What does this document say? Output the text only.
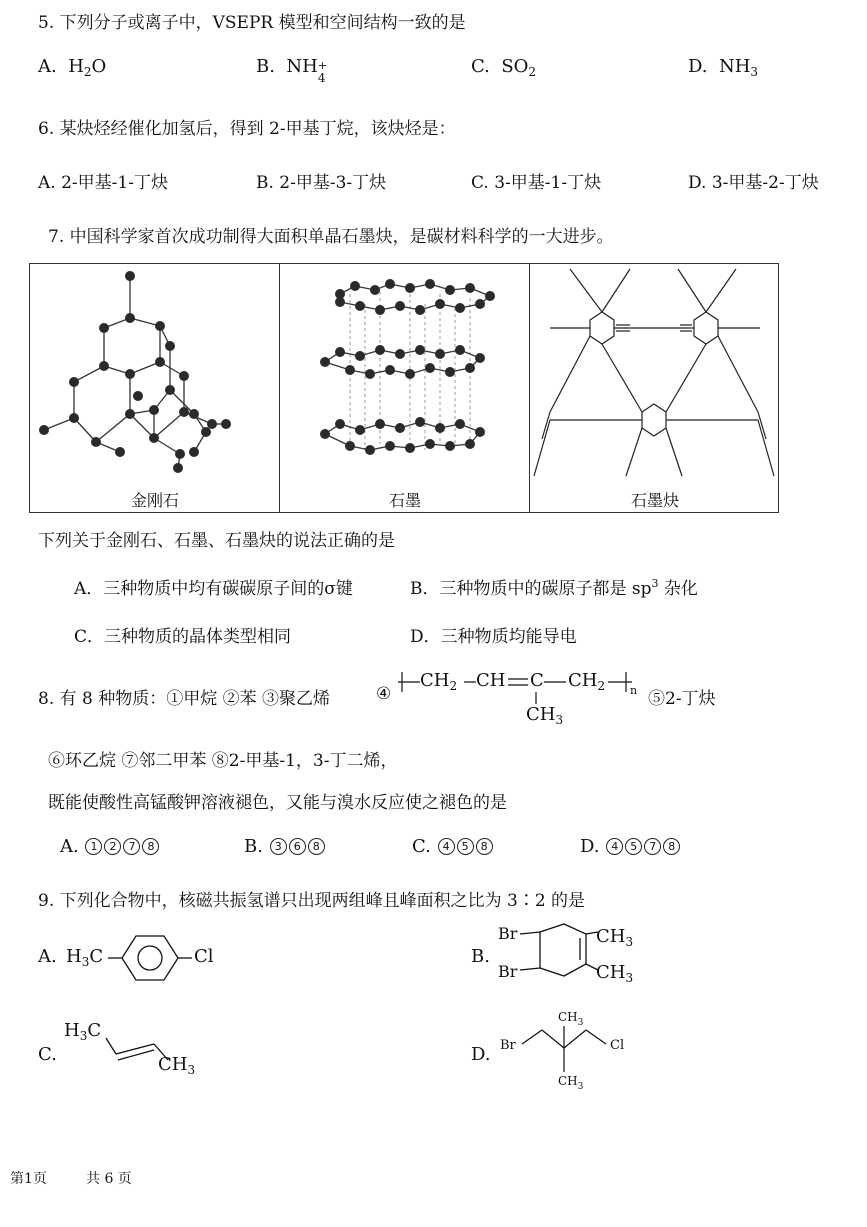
5. 下列分子或离子中，VSEPR 模型和空间结构一致的是
A. $H_2O$	B. NH +
4
C. $SO_2$	D. $NH_3$
6. 某炔烃经催化加氢后，得到 2-甲基丁烷，该炔烃是：
A. 2-甲基-1-丁炔	B. 2-甲基-3-丁炔	C. 3-甲基-1-丁炔	D. 3-甲基-2-丁炔
7. 中国科学家首次成功制得大面积单晶石墨炔，是碳材料科学的一大进步。
金刚石	石墨	石墨炔
下列关于金刚石、石墨、石墨炔的说法正确的是
A．三种物质中均有碳碳原子间的σ键	B．三种物质中的碳原子都是 $sp^3$ 杂化
C．三种物质的晶体类型相同	D．三种物质均能导电
8. 有 8 种物质：①甲烷 ②苯 ③聚乙烯	④
$CH_2$ CH C $CH_2$
$CH_3$
n ⑤2-丁炔
⑥环乙烷 ⑦邻二甲苯 ⑧2-甲基-1，3-丁二烯，
既能使酸性高锰酸钾溶液褪色，又能与溴水反应使之褪色的是
A. 1 2 7 8	B. 3 6 8	C. 4 5 8	D. 4 5 7 8
9. 下列化合物中，核磁共振氢谱只出现两组峰且峰面积之比为 3∶2 的是
A. $H_3C$	Cl	B.
Br
Br
$CH_3$
$CH_3$
C.
$H_3C$
$CH_3$
D. Br
$CH_3$
Cl
$CH_3$
第1页	共 6 页
